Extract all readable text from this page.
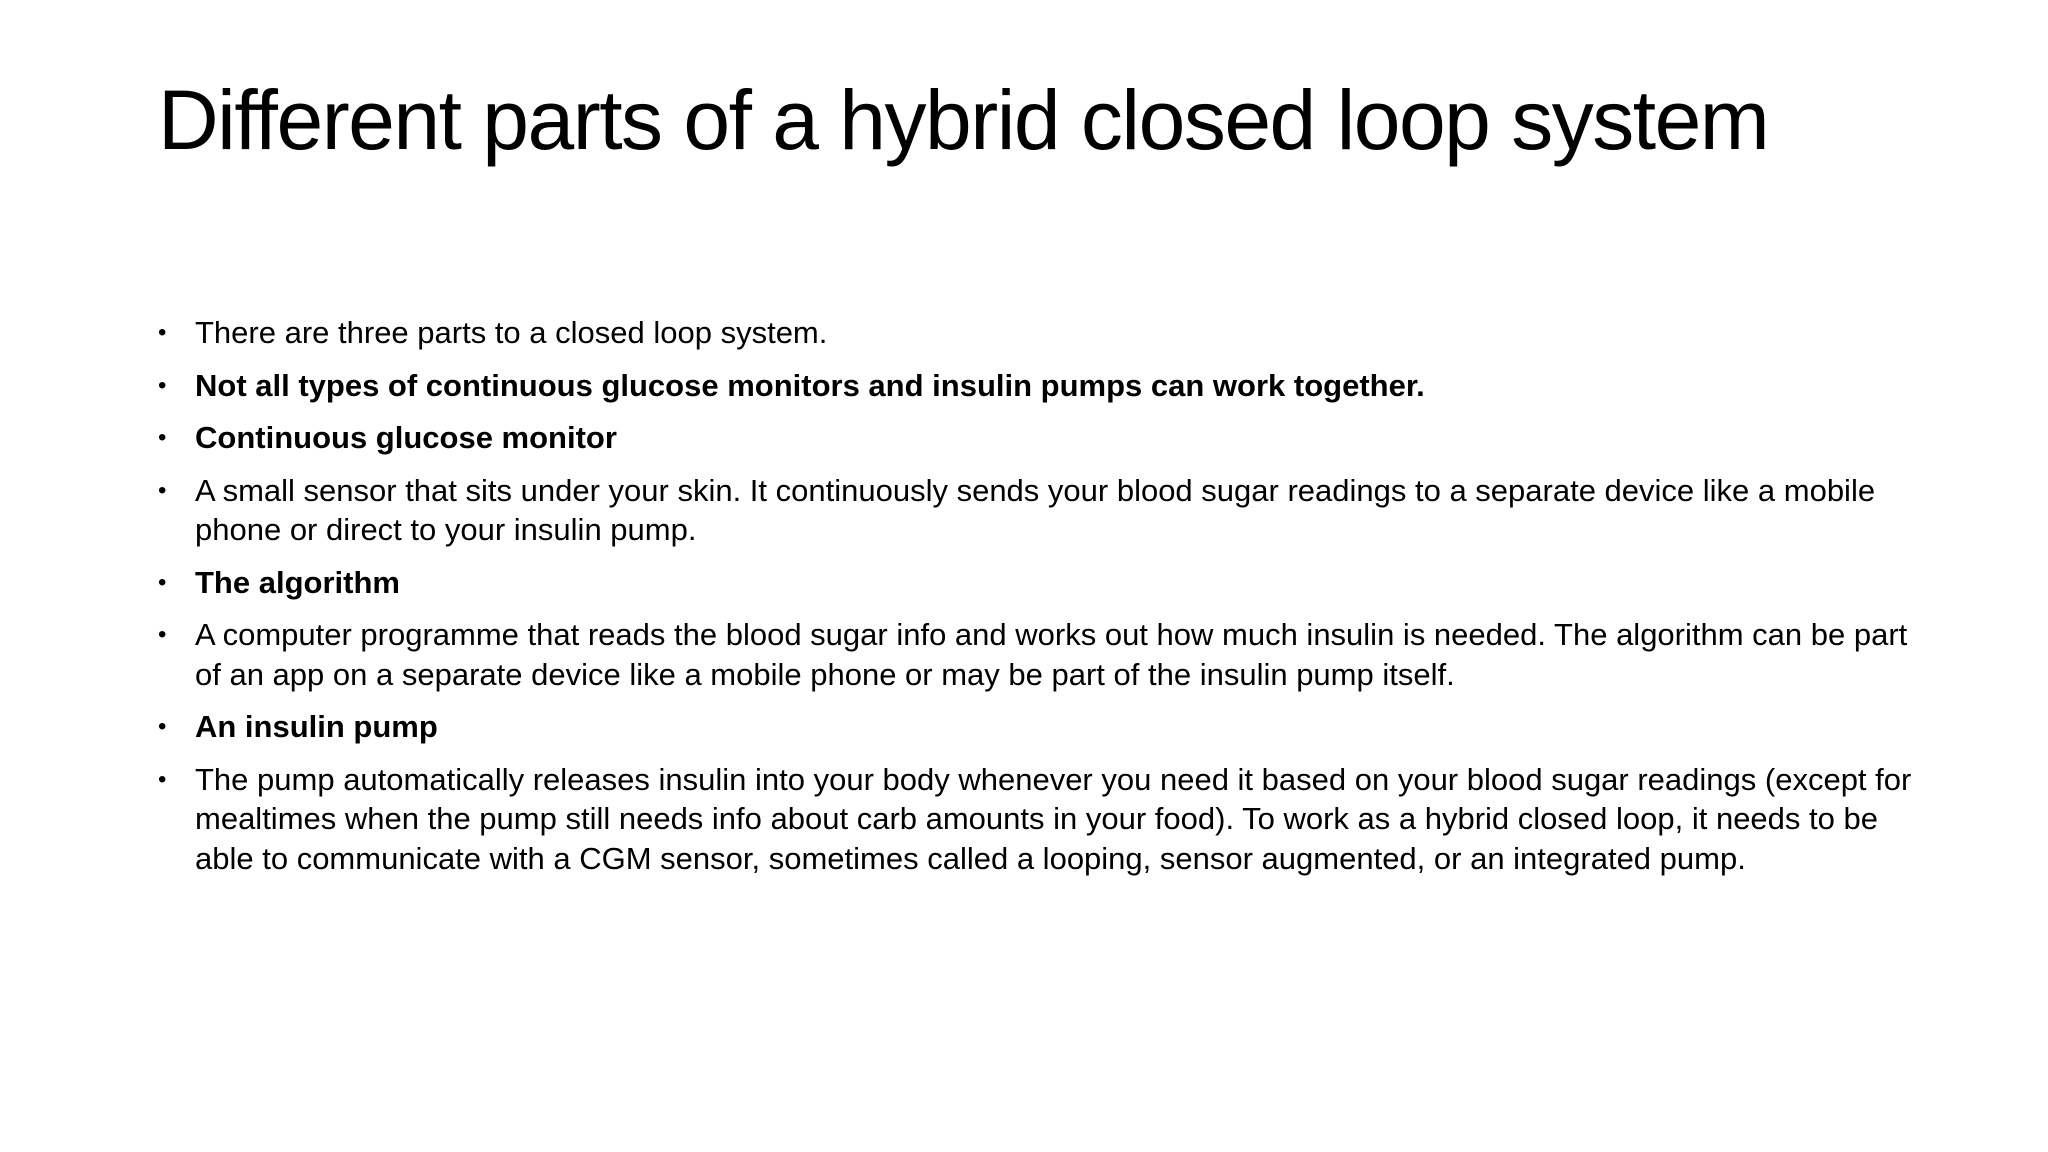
Different parts of a hybrid closed loop system
• There are three parts to a closed loop system.
• Not all types of continuous glucose monitors and insulin pumps can work together.
• Continuous glucose monitor
• A small sensor that sits under your skin. It continuously sends your blood sugar readings to a separate device like a mobile phone or direct to your insulin pump.
• The algorithm
• A computer programme that reads the blood sugar info and works out how much insulin is needed. The algorithm can be part of an app on a separate device like a mobile phone or may be part of the insulin pump itself.
• An insulin pump
• The pump automatically releases insulin into your body whenever you need it based on your blood sugar readings (except for mealtimes when the pump still needs info about carb amounts in your food). To work as a hybrid closed loop, it needs to be able to communicate with a CGM sensor, sometimes called a looping, sensor augmented, or an integrated pump.
